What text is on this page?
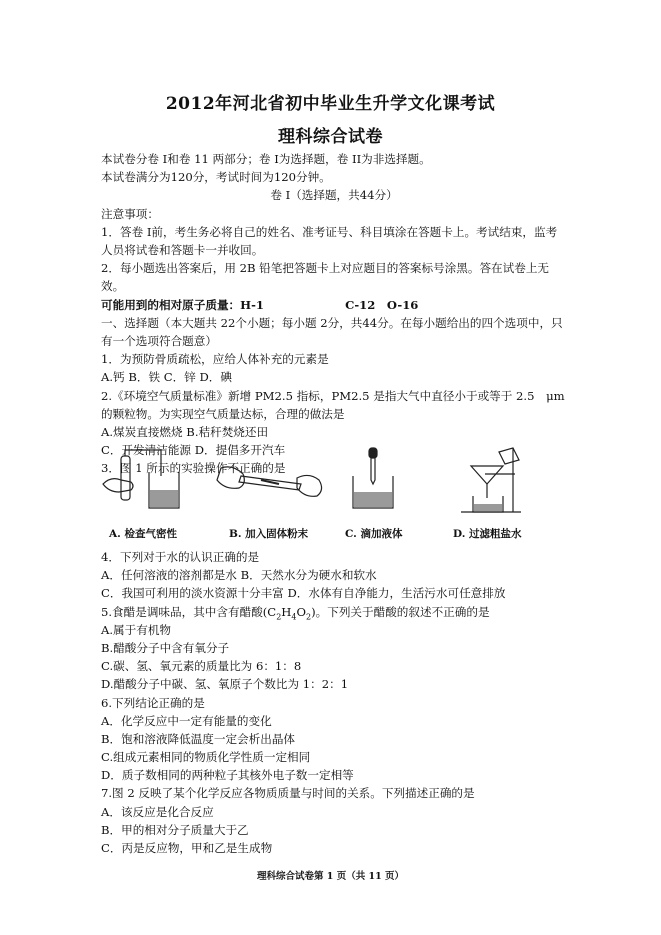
2012年河北省初中毕业生升学文化课考试
理科综合试卷
本试卷分卷 I和卷 11 两部分；卷 I为选择题，卷 II为非选择题。
本试卷满分为120分，考试时间为120分钟。
卷 I（选择题，共44分）
注意事项：
1．答卷 I前，考生务必将自己的姓名、准考证号、科目填涂在答题卡上。考试结束，监考人员将试卷和答题卡一并收回。
2．每小题选出答案后，用 2B 铅笔把答题卡上对应题目的答案标号涂黑。答在试卷上无效。
可能用到的相对原子质量：H-1　　　　　　　C-12　O-16
一、选择题（本大题共 22个小题；每小题 2分，共44分。在每小题给出的四个选项中，只有一个选项符合题意）
1．为预防骨质疏松，应给人体补充的元素是
A.钙 B．铁 C．锌 D．碘
2.《环境空气质量标准》新增 PM2.5 指标，PM2.5 是指大气中直径小于或等于 2.5　μm的颗粒物。为实现空气质量达标，合理的做法是
A.煤炭直接燃烧 B.秸秆焚烧还田
C．开发清洁能源 D．提倡多开汽车
3．图 1 所示的实验操作不正确的是
A. 检查气密性	B. 加入固体粉末	C. 滴加液体	D. 过滤粗盐水
4．下列对于水的认识正确的是
A．任何溶液的溶剂都是水 B．天然水分为硬水和软水
C．我国可利用的淡水资源十分丰富 D．水体有自净能力，生活污水可任意排放
5.食醋是调味品，其中含有醋酸$(C_2H_4O_2)$。下列关于醋酸的叙述不正确的是
A.属于有机物
B.醋酸分子中含有氧分子
C.碳、氢、氧元素的质量比为 6：1：8
D.醋酸分子中碳、氢、氧原子个数比为 1：2：1
6.下列结论正确的是
A．化学反应中一定有能量的变化
B．饱和溶液降低温度一定会析出晶体
C.组成元素相同的物质化学性质一定相同
D．质子数相同的两种粒子其核外电子数一定相等
7.图 2 反映了某个化学反应各物质质量与时间的关系。下列描述正确的是
A．该反应是化合反应
B．甲的相对分子质量大于乙
C．丙是反应物，甲和乙是生成物
理科综合试卷第 1 页（共 11 页）
